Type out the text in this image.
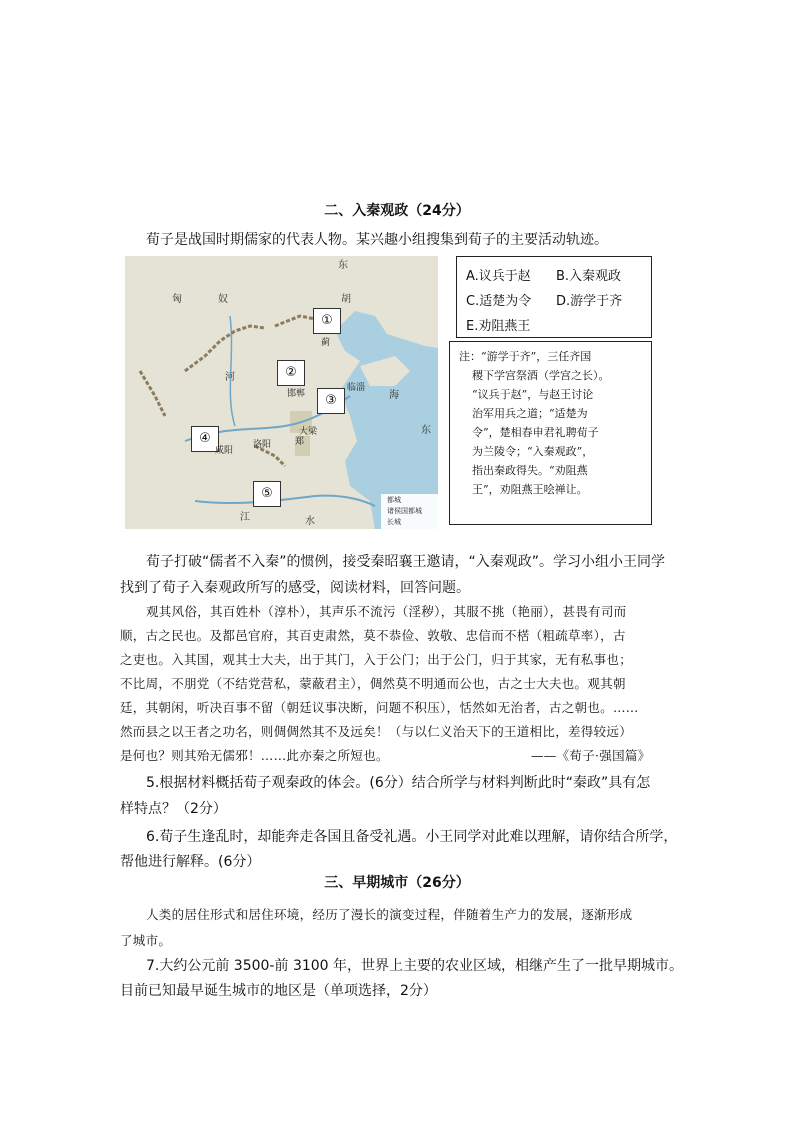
二、入秦观政（24分）
荀子是战国时期儒家的代表人物。某兴趣小组搜集到荀子的主要活动轨迹。
①
②
③
④
⑤
匈	奴
东
胡
蓟
邯郸
临淄
大梁
郑
洛阳
咸阳
河
海
东
江	水
都城
诸侯国都城
长城
A.议兵于赵 B.入秦观政
C.适楚为令 D.游学于齐
E.劝阻燕王
注：“游学于齐”，三任齐国
稷下学宫祭酒（学宫之长）。
“议兵于赵”，与赵王讨论
治军用兵之道；“适楚为
令”，楚相春申君礼聘荀子
为兰陵令；“入秦观政”，
指出秦政得失。“劝阻燕
王”，劝阻燕王哙禅让。
荀子打破“儒者不入秦”的惯例，接受秦昭襄王邀请，“入秦观政”。学习小组小王同学
找到了荀子入秦观政所写的感受，阅读材料，回答问题。
观其风俗，其百姓朴（淳朴），其声乐不流污（淫秽），其服不挑（艳丽），甚畏有司而
顺，古之民也。及都邑官府，其百吏肃然，莫不恭俭、敦敬、忠信而不楛（粗疏草率），古
之吏也。入其国，观其士大夫，出于其门，入于公门；出于公门，归于其家，无有私事也；
不比周，不朋党（不结党营私，蒙蔽君主），倜然莫不明通而公也，古之士大夫也。观其朝
廷，其朝闲，听决百事不留（朝廷议事决断，问题不积压），恬然如无治者，古之朝也。……
然而县之以王者之功名，则倜倜然其不及远矣！（与以仁义治天下的王道相比，差得较远）
是何也？则其殆无儒邪！……此亦秦之所短也。	——《荀子·强国篇》
5.根据材料概括荀子观秦政的体会。(6分）结合所学与材料判断此时“秦政”具有怎
样特点？（2分）
6.荀子生逢乱时，却能奔走各国且备受礼遇。小王同学对此难以理解，请你结合所学，
帮他进行解释。(6分）
三、早期城市（26分）
人类的居住形式和居住环境，经历了漫长的演变过程，伴随着生产力的发展，逐渐形成
了城市。
7.大约公元前 3500-前 3100 年，世界上主要的农业区域，相继产生了一批早期城市。
目前已知最早诞生城市的地区是（单项选择，2分）
